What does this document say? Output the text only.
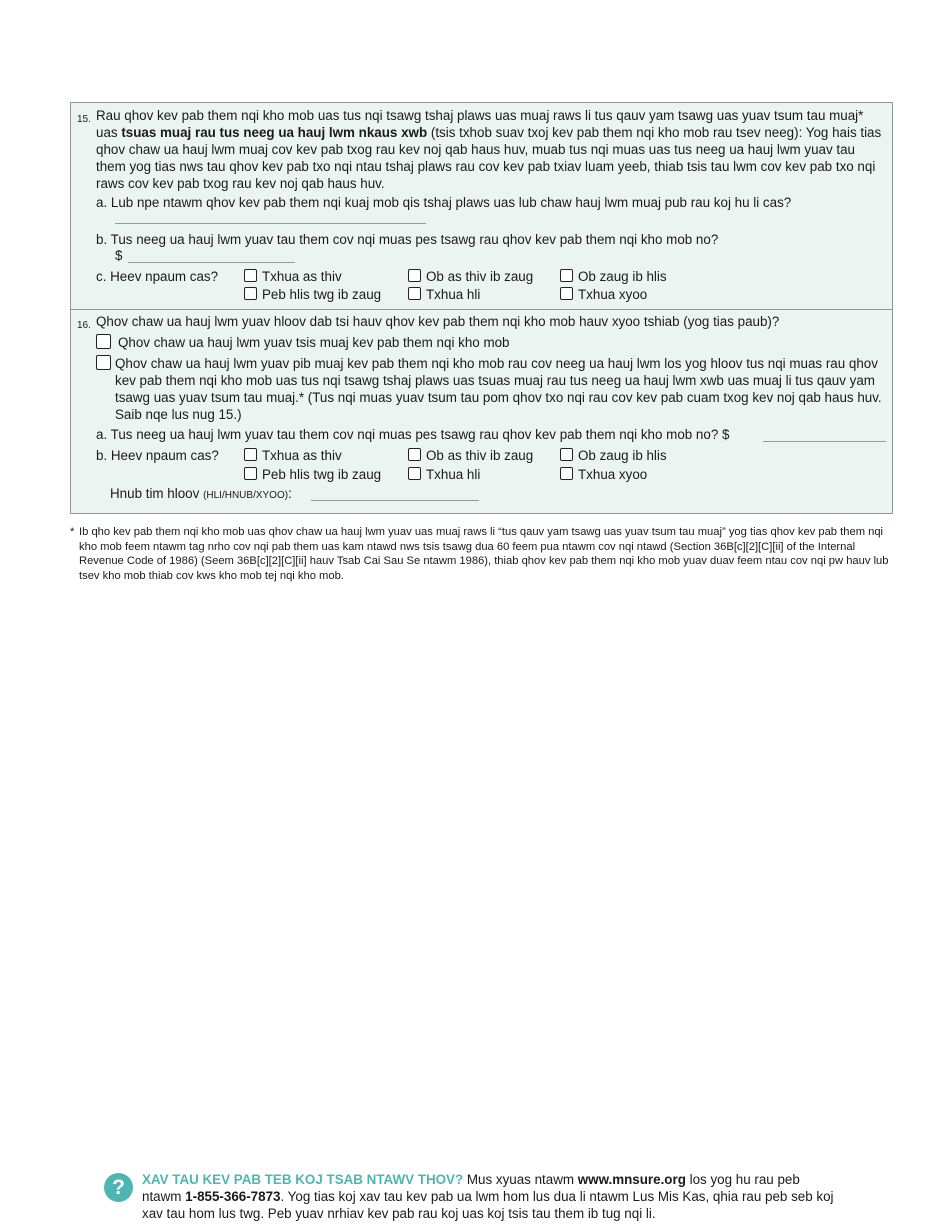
15. Rau qhov kev pab them nqi kho mob uas tus nqi tsawg tshaj plaws uas muaj raws li tus qauv yam tsawg uas yuav tsum tau muaj* uas tsuas muaj rau tus neeg ua hauj lwm nkaus xwb (tsis txhob suav txoj kev pab them nqi kho mob rau tsev neeg): Yog hais tias qhov chaw ua hauj lwm muaj cov kev pab txog rau kev noj qab haus huv, muab tus nqi muas uas tus neeg ua hauj lwm yuav tau them yog tias nws tau qhov kev pab txo nqi ntau tshaj plaws rau cov kev pab txiav luam yeeb, thiab tsis tau lwm cov kev pab txo nqi raws cov kev pab txog rau kev noj qab haus huv.
a. Lub npe ntawm qhov kev pab them nqi kuaj mob qis tshaj plaws uas lub chaw hauj lwm muaj pub rau koj hu li cas?
b. Tus neeg ua hauj lwm yuav tau them cov nqi muas pes tsawg rau qhov kev pab them nqi kho mob no?
$
c. Heev npaum cas?	Txhua as thiv	Ob as thiv ib zaug	Ob zaug ib hlis
Peb hlis twg ib zaug	Txhua hli	Txhua xyoo
16. Qhov chaw ua hauj lwm yuav hloov dab tsi hauv qhov kev pab them nqi kho mob hauv xyoo tshiab (yog tias paub)?
Qhov chaw ua hauj lwm yuav tsis muaj kev pab them nqi kho mob
Qhov chaw ua hauj lwm yuav pib muaj kev pab them nqi kho mob rau cov neeg ua hauj lwm los yog hloov tus nqi muas rau qhov kev pab them nqi kho mob uas tus nqi tsawg tshaj plaws uas tsuas muaj rau tus neeg ua hauj lwm xwb uas muaj li tus qauv yam tsawg uas yuav tsum tau muaj.* (Tus nqi muas yuav tsum tau pom qhov txo nqi rau cov kev pab cuam txog kev noj qab haus huv. Saib nqe lus nug 15.)
a. Tus neeg ua hauj lwm yuav tau them cov nqi muas pes tsawg rau qhov kev pab them nqi kho mob no? $
b. Heev npaum cas?	Txhua as thiv	Ob as thiv ib zaug	Ob zaug ib hlis
Peb hlis twg ib zaug	Txhua hli	Txhua xyoo
Hnub tim hloov (HLI/HNUB/XYOO):
* Ib qho kev pab them nqi kho mob uas qhov chaw ua hauj lwm yuav uas muaj raws li “tus qauv yam tsawg uas yuav tsum tau muaj” yog tias qhov kev pab them nqi kho mob feem ntawm tag nrho cov nqi pab them uas kam ntawd nws tsis tsawg dua 60 feem pua ntawm cov nqi ntawd (Section 36B[c][2][C][ii] of the Internal Revenue Code of 1986) (Seem 36B[c][2][C][ii] hauv Tsab Cai Sau Se ntawm 1986), thiab qhov kev pab them nqi kho mob yuav duav feem ntau cov nqi pw hauv lub tsev kho mob thiab cov kws kho mob tej nqi kho mob.
?	XAV TAU KEV PAB TEB KOJ TSAB NTAWV THOV? Mus xyuas ntawm www.mnsure.org los yog hu rau peb ntawm 1-855-366-7873. Yog tias koj xav tau kev pab ua lwm hom lus dua li ntawm Lus Mis Kas, qhia rau peb seb koj xav tau hom lus twg. Peb yuav nrhiav kev pab rau koj uas koj tsis tau them ib tug nqi li.
